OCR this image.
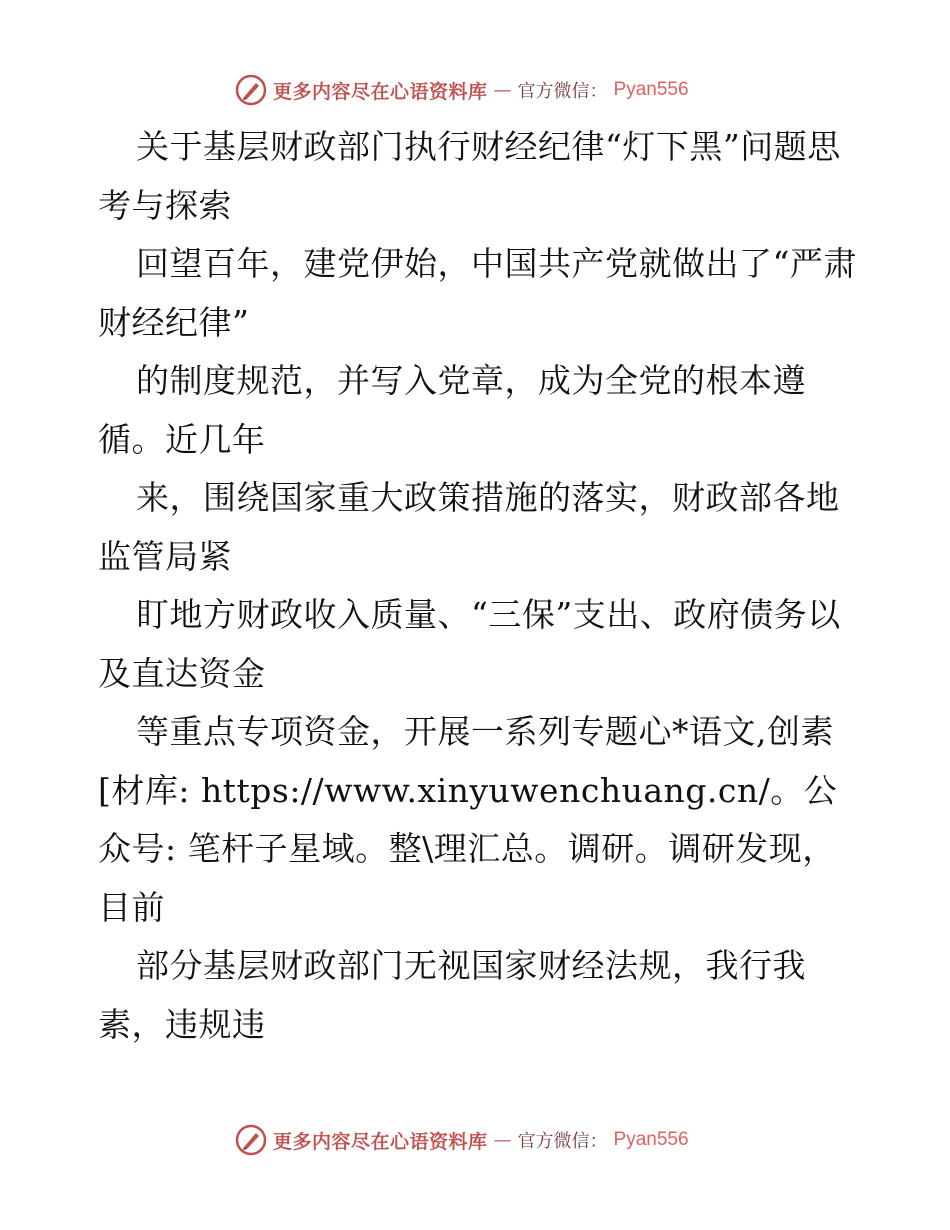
更多内容尽在心语资料库 — 官方微信： Pyan556

关于基层财政部门执行财经纪律“灯下黑”问题思考与探索

回望百年，建党伊始，中国共产党就做出了“严肃财经纪律”

的制度规范，并写入党章，成为全党的根本遵循。近几年

来，围绕国家重大政策措施的落实，财政部各地监管局紧

盯地方财政收入质量、“三保”支出、政府债务以及直达资金

等重点专项资金，开展一系列专题心*语文,创素[材库: https://www.xinyuwenchuang.cn/。公众号: 笔杆子星域。整\理汇总。调研。调研发现，目前

部分基层财政部门无视国家财经法规，我行我素，违规违

更多内容尽在心语资料库 — 官方微信： Pyan556
